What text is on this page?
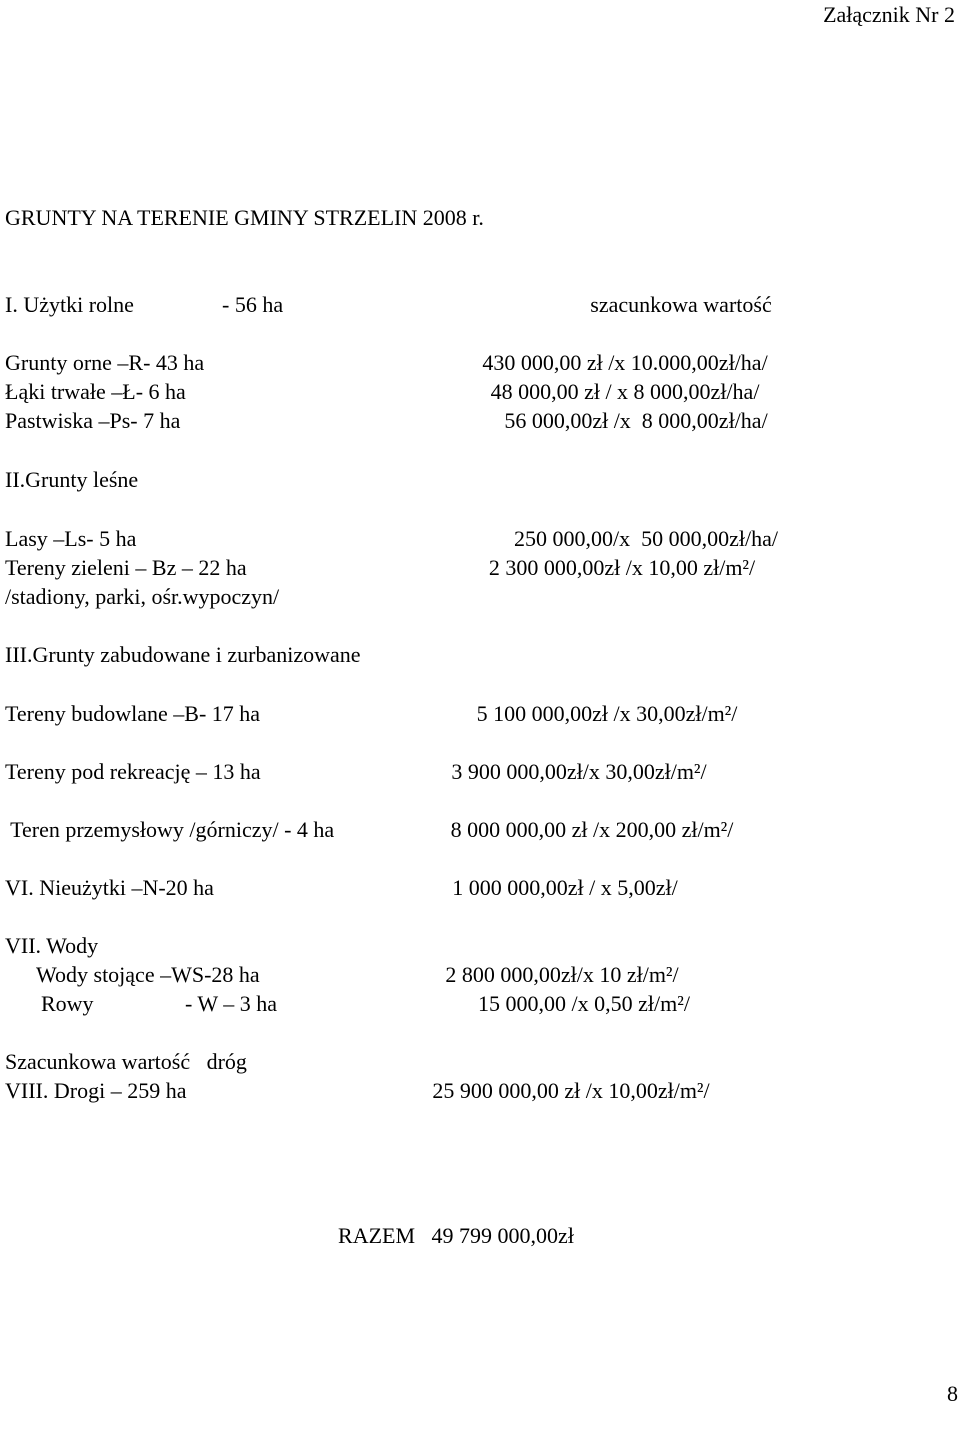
Załącznik Nr 2
GRUNTY NA TERENIE GMINY STRZELIN 2008 r.
I. Użytki rolne	- 56 ha	szacunkowa wartość
Grunty orne –R- 43 ha	430 000,00 zł /x 10.000,00zł/ha/
Łąki trwałe –Ł- 6 ha	48 000,00 zł / x 8 000,00zł/ha/
Pastwiska –Ps- 7 ha	56 000,00zł /x  8 000,00zł/ha/
II.Grunty leśne
Lasy –Ls- 5 ha	250 000,00/x  50 000,00zł/ha/
Tereny zieleni – Bz – 22 ha	2 300 000,00zł /x 10,00 zł/m²/
/stadiony, parki, ośr.wypoczyn/
III.Grunty zabudowane i zurbanizowane
Tereny budowlane –B- 17 ha	5 100 000,00zł /x 30,00zł/m²/
Tereny pod rekreację – 13 ha	3 900 000,00zł/x 30,00zł/m²/
Teren przemysłowy /górniczy/ - 4 ha	8 000 000,00 zł /x 200,00 zł/m²/
VI. Nieużytki –N-20 ha	1 000 000,00zł / x 5,00zł/
VII. Wody
Wody stojące –WS-28 ha	2 800 000,00zł/x 10 zł/m²/
Rowy	- W – 3 ha	15 000,00 /x 0,50 zł/m²/
Szacunkowa wartość   dróg
VIII. Drogi – 259 ha	25 900 000,00 zł /x 10,00zł/m²/
RAZEM   49 799 000,00zł
8
